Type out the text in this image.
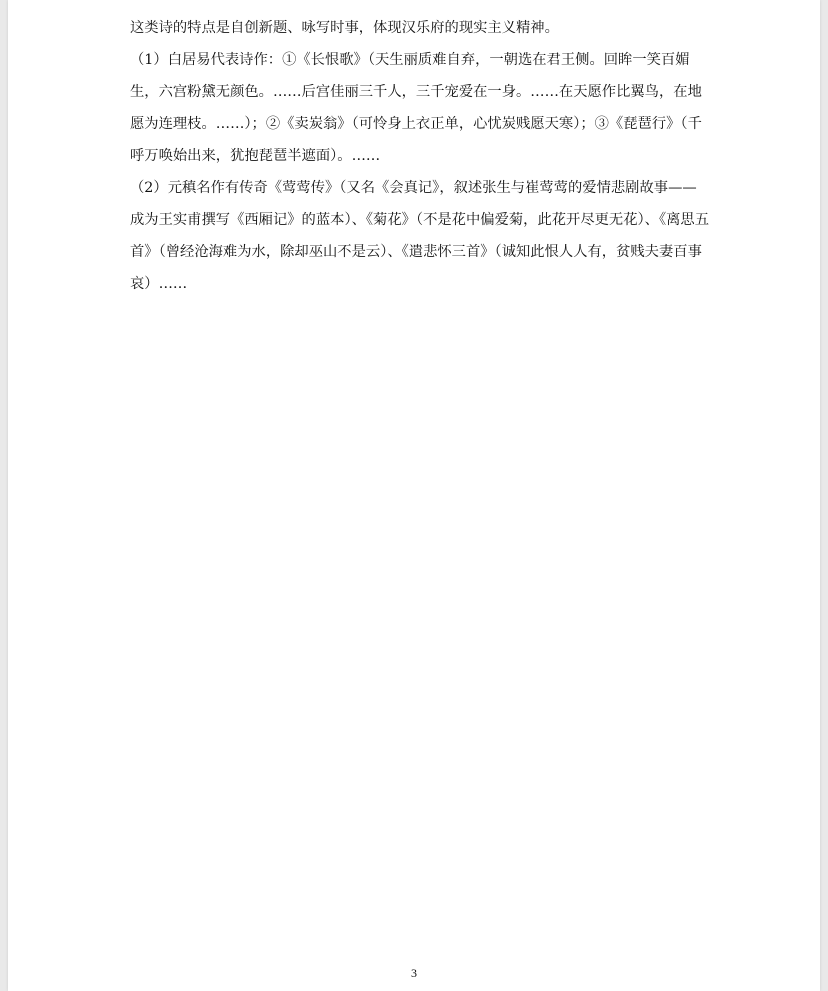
这类诗的特点是自创新题、咏写时事，体现汉乐府的现实主义精神。

（1）白居易代表诗作：①《长恨歌》（天生丽质难自弃，一朝选在君王侧。回眸一笑百媚生，六宫粉黛无颜色。……后宫佳丽三千人，三千宠爱在一身。……在天愿作比翼鸟，在地愿为连理枝。……）；②《卖炭翁》（可怜身上衣正单，心忧炭贱愿天寒）；③《琵琶行》（千呼万唤始出来，犹抱琵琶半遮面）。……

（2）元稹名作有传奇《莺莺传》（又名《会真记》，叙述张生与崔莺莺的爱情悲剧故事——成为王实甫撰写《西厢记》的蓝本）、《菊花》（不是花中偏爱菊，此花开尽更无花）、《离思五首》（曾经沧海难为水，除却巫山不是云）、《遣悲怀三首》（诚知此恨人人有，贫贱夫妻百事哀）……

3
